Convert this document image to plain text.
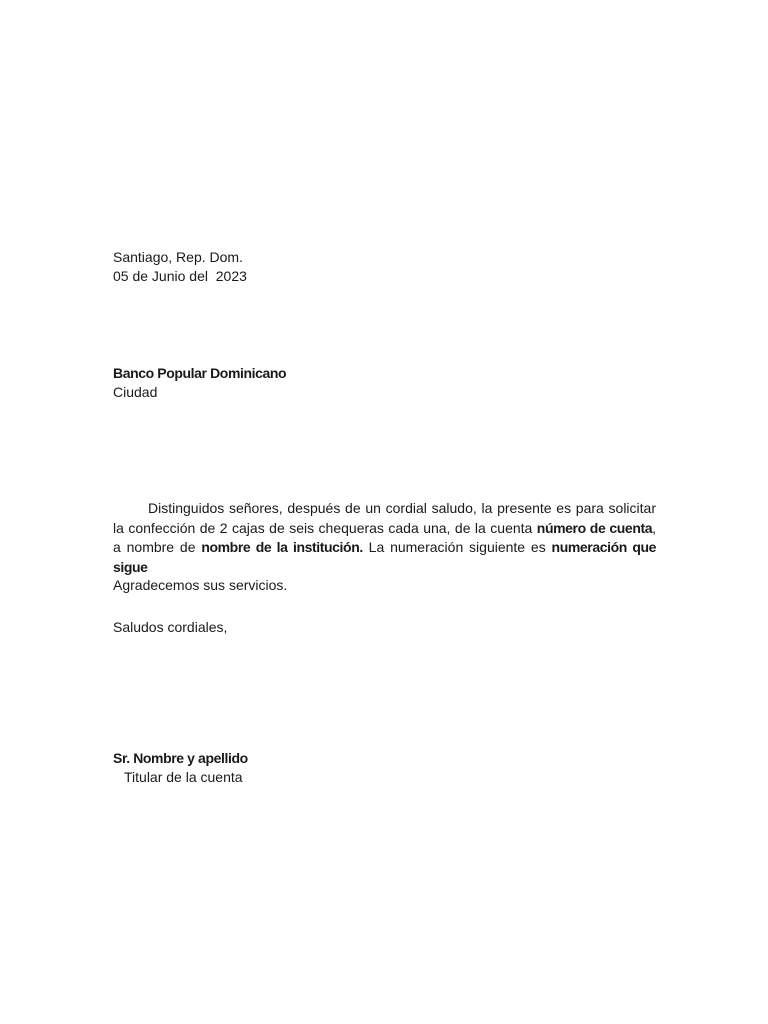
Santiago, Rep. Dom.
05 de Junio del  2023
Banco Popular Dominicano
Ciudad

Distinguidos señores, después de un cordial saludo, la presente es para solicitar la confección de 2 cajas de seis chequeras cada una, de la cuenta número de cuenta, a nombre de nombre de la institución. La numeración siguiente es numeración que sigue

Agradecemos sus servicios.
Saludos cordiales,
Sr. Nombre y apellido
Titular de la cuenta
